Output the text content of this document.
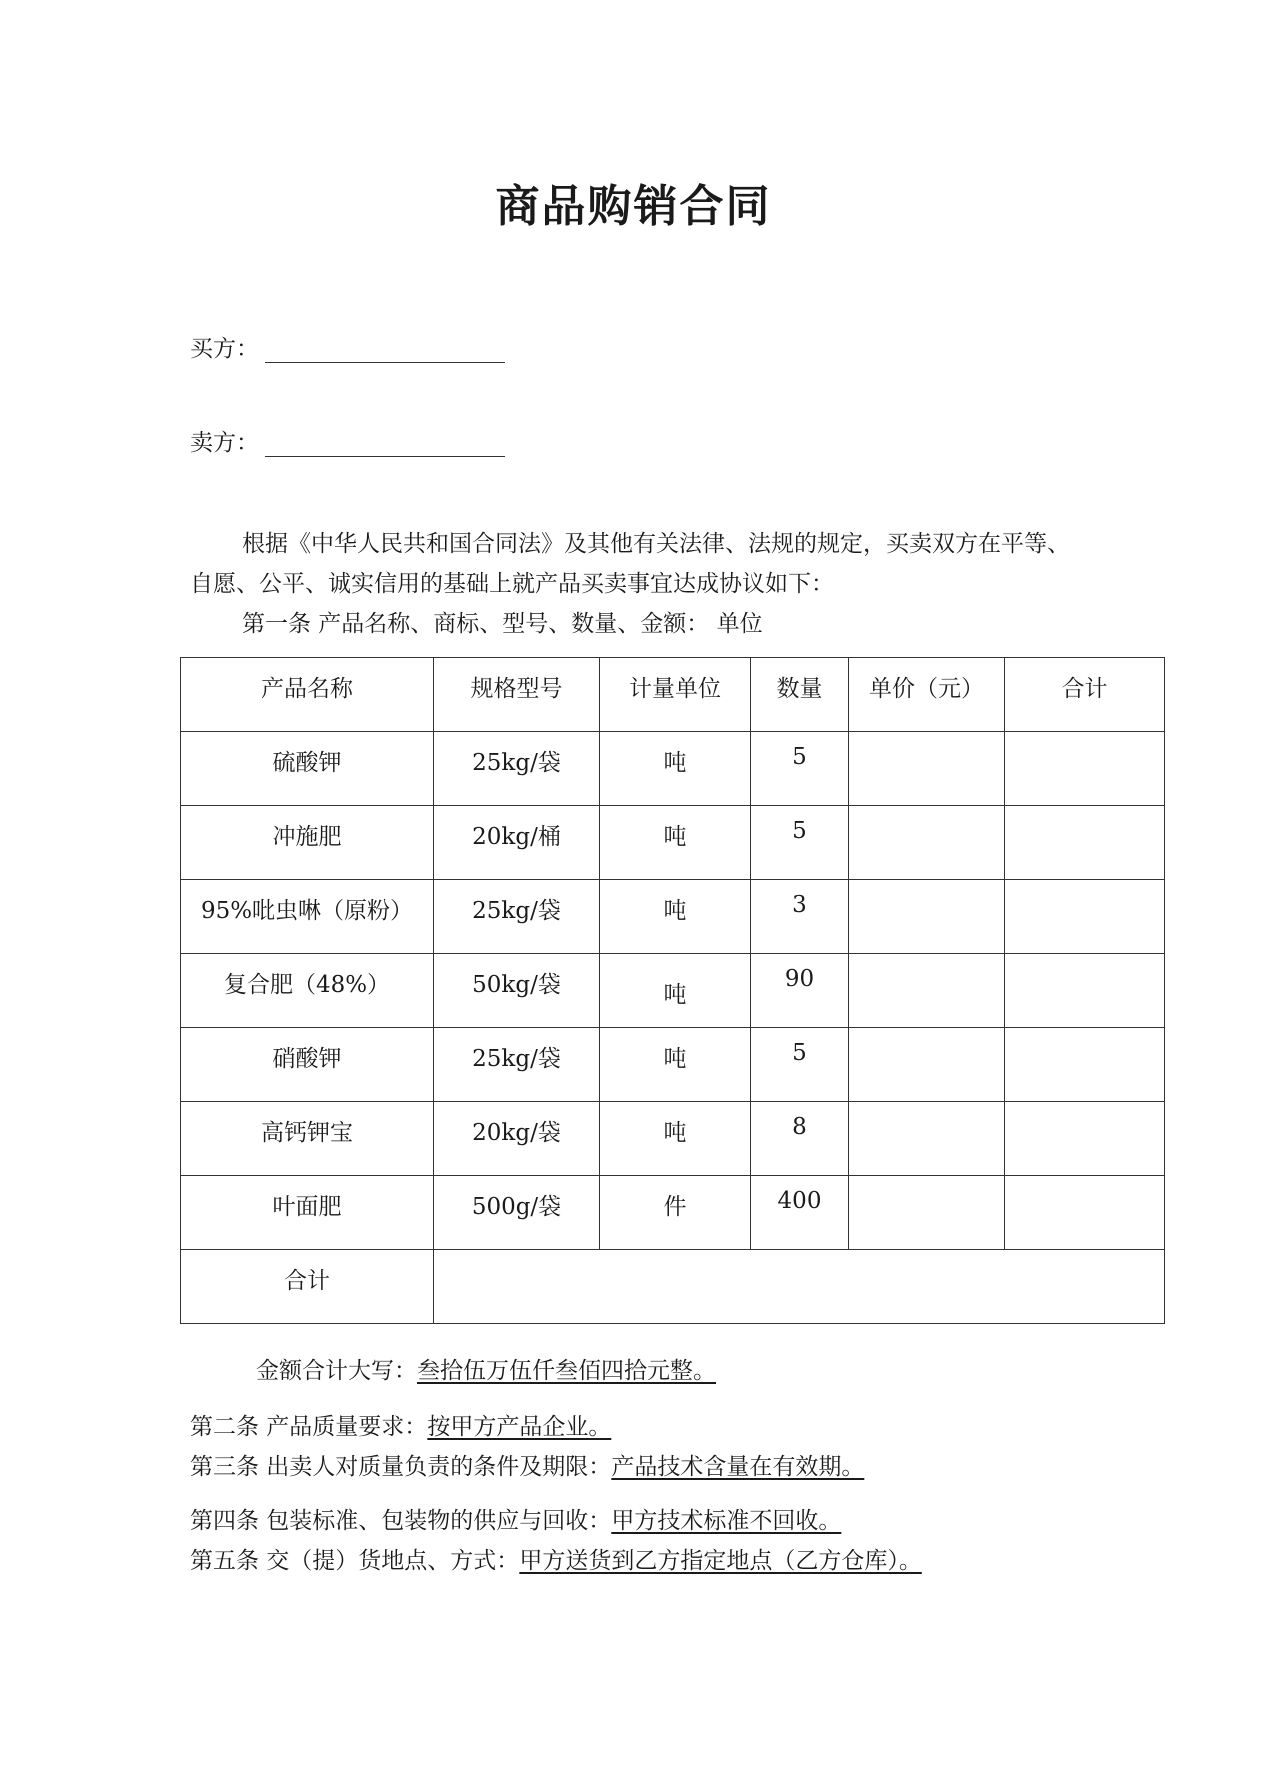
商品购销合同
买方：
卖方：
根据《中华人民共和国合同法》及其他有关法律、法规的规定，买卖双方在平等、自愿、公平、诚实信用的基础上就产品买卖事宜达成协议如下：
第一条 产品名称、商标、型号、数量、金额： 单位
产品名称	规格型号	计量单位	数量	单价（元）	合计
硫酸钾	25kg/袋	吨	5		
冲施肥	20kg/桶	吨	5		
95%吡虫啉（原粉）	25kg/袋	吨	3		
复合肥（48%）	50kg/袋	吨	90		
硝酸钾	25kg/袋	吨	5		
高钙钾宝	20kg/袋	吨	8		
叶面肥	500g/袋	件	400		
合计					
金额合计大写：叁拾伍万伍仟叁佰四拾元整。
第二条 产品质量要求：按甲方产品企业。
第三条 出卖人对质量负责的条件及期限：产品技术含量在有效期。
第四条 包装标准、包装物的供应与回收：甲方技术标准不回收。
第五条 交（提）货地点、方式：甲方送货到乙方指定地点（乙方仓库）。
